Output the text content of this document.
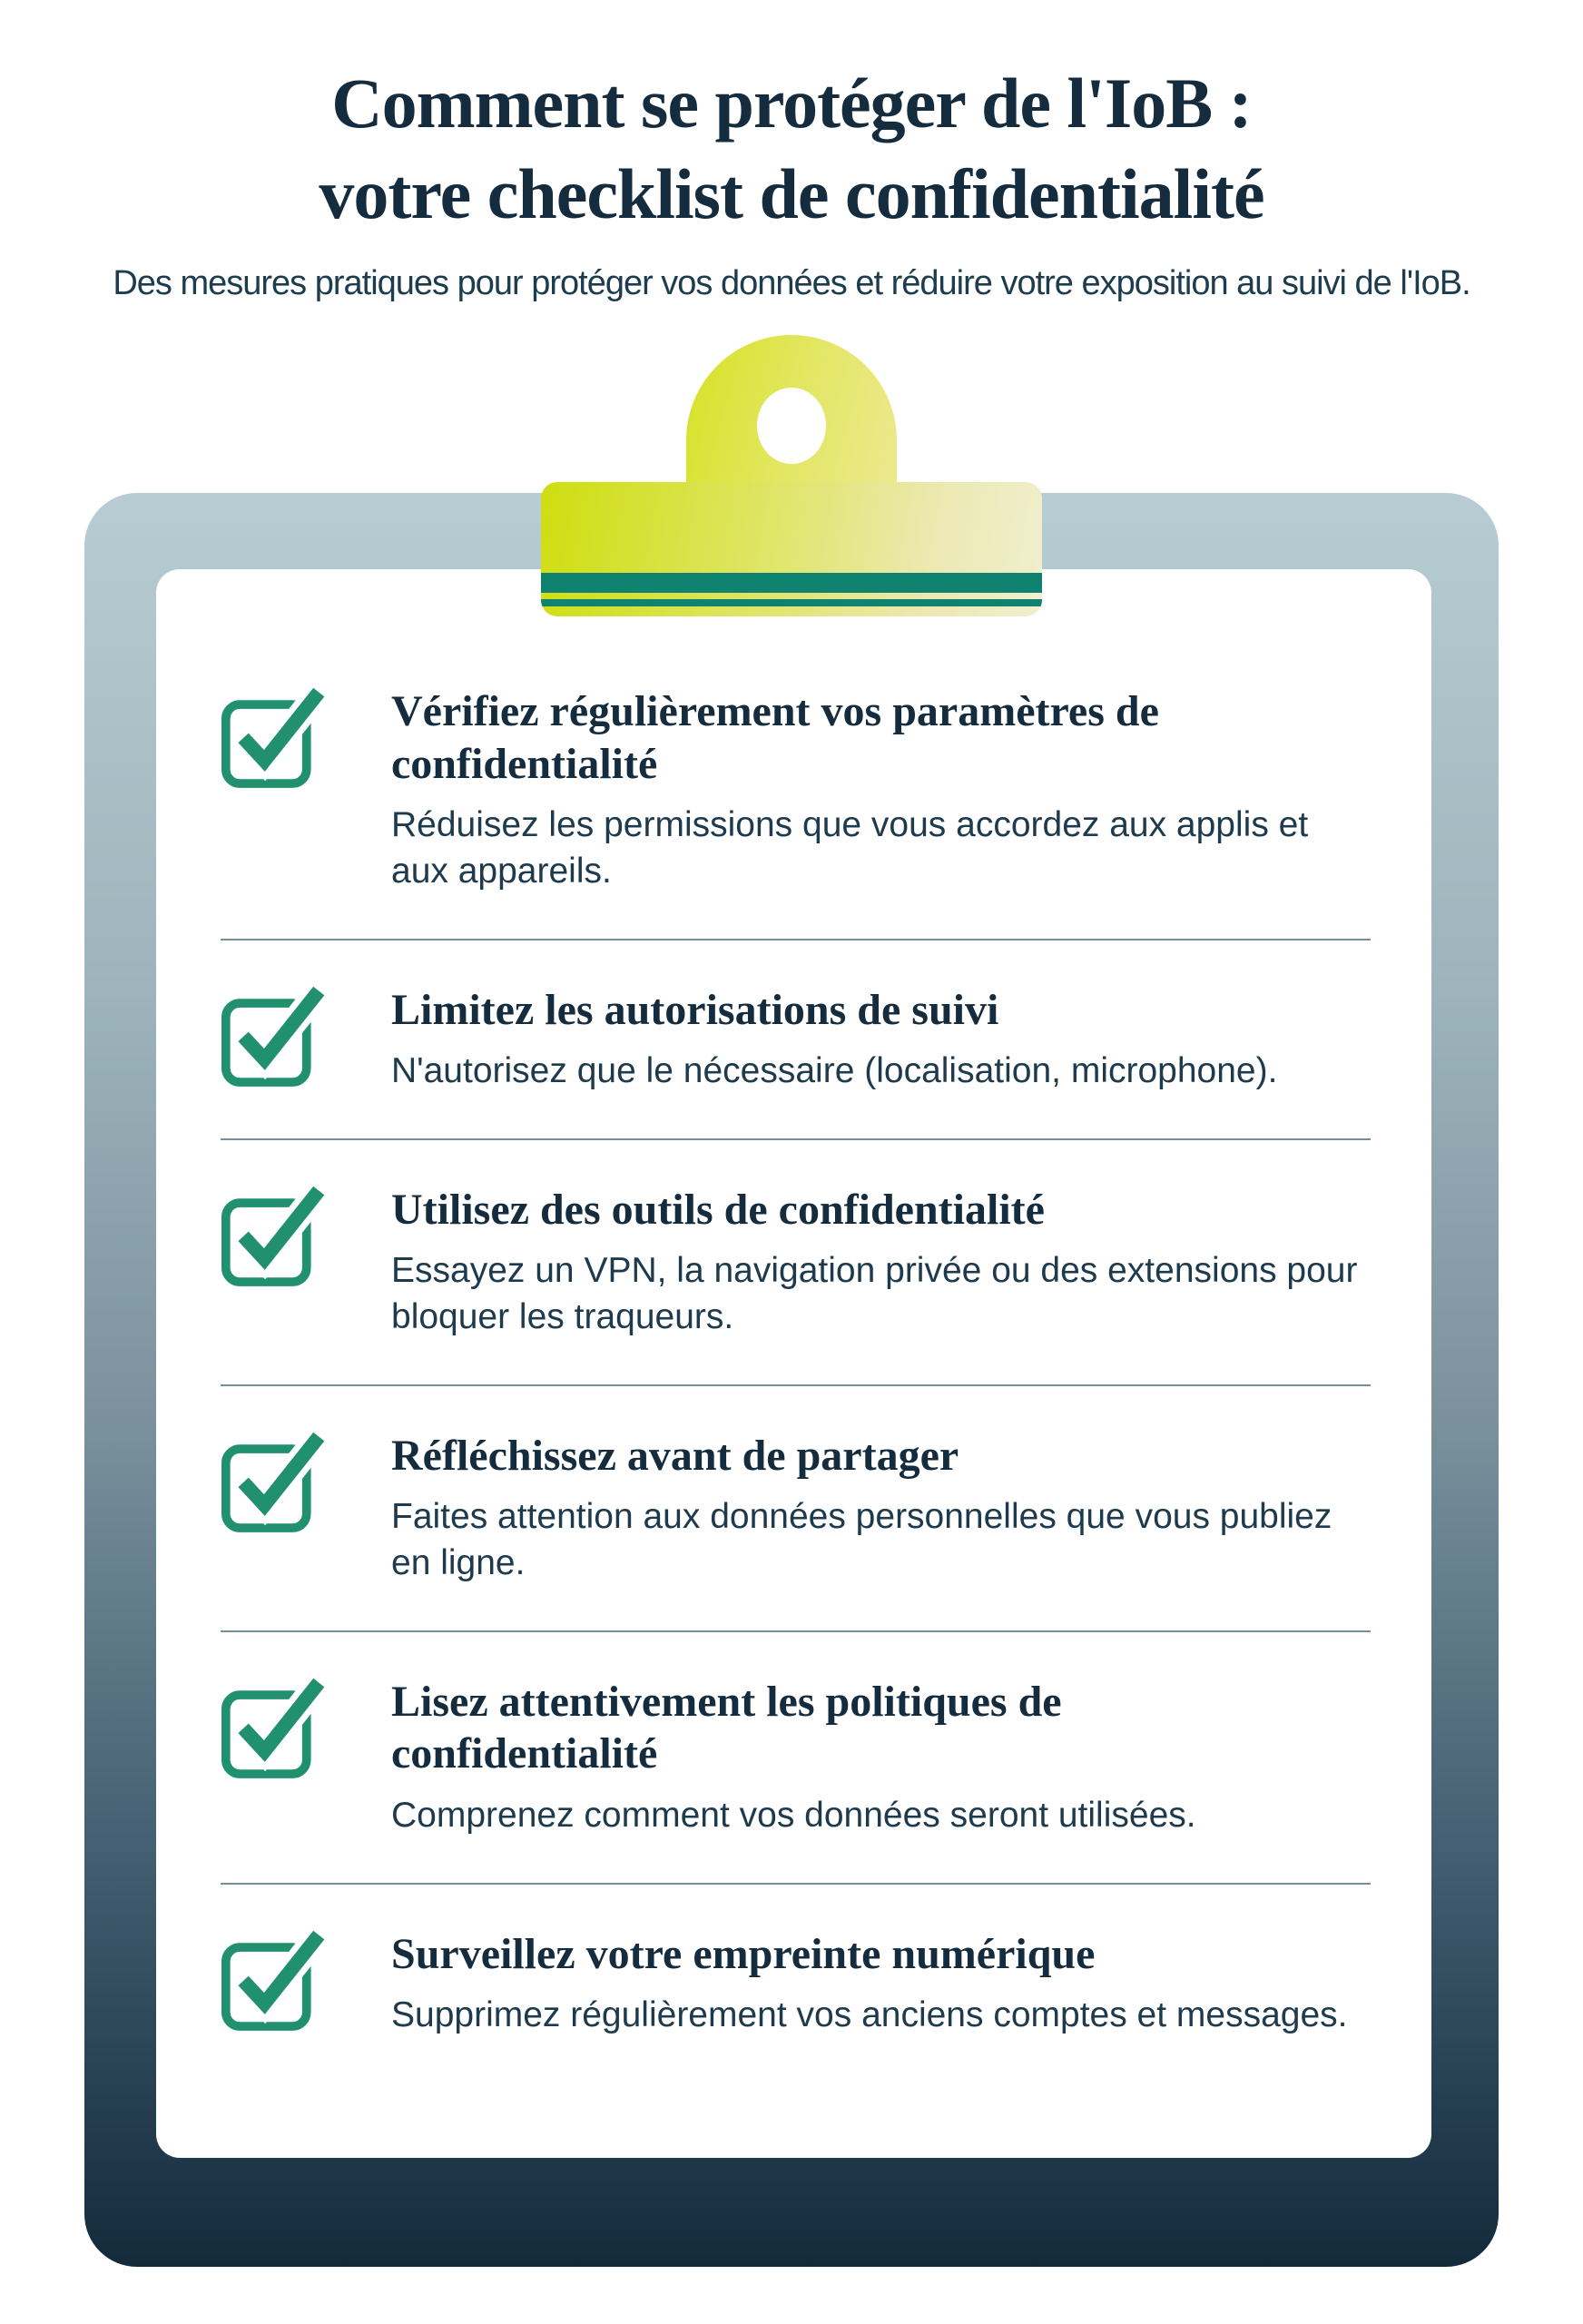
Comment se protéger de l'IoB :
votre checklist de confidentialité
Des mesures pratiques pour protéger vos données et réduire votre exposition au suivi de l'IoB.
Vérifiez régulièrement vos paramètres de confidentialité
Réduisez les permissions que vous accordez aux applis et aux appareils.
Limitez les autorisations de suivi
N'autorisez que le nécessaire (localisation, microphone).
Utilisez des outils de confidentialité
Essayez un VPN, la navigation privée ou des extensions pour bloquer les traqueurs.
Réfléchissez avant de partager
Faites attention aux données personnelles que vous publiez en ligne.
Lisez attentivement les politiques de confidentialité
Comprenez comment vos données seront utilisées.
Surveillez votre empreinte numérique
Supprimez régulièrement vos anciens comptes et messages.
